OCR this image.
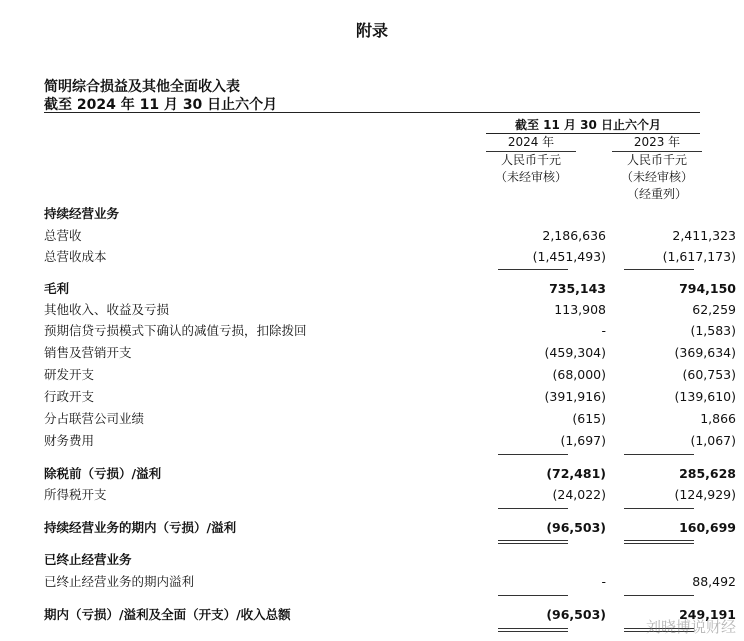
附录
简明综合损益及其他全面收入表
截至 2024 年 11 月 30 日止六个月
截至 11 月 30 日止六个月
2024 年
人民币千元
（未经审核）
2023 年
人民币千元
（未经审核）
（经重列）
持续经营业务
总营收	2,186,636	2,411,323
总营收成本	(1,451,493)	(1,617,173)
毛利	735,143	794,150
其他收入、收益及亏损	113,908	62,259
预期信贷亏损模式下确认的减值亏损，扣除拨回	-	(1,583)
销售及营销开支	(459,304)	(369,634)
研发开支	(68,000)	(60,753)
行政开支	(391,916)	(139,610)
分占联营公司业绩	(615)	1,866
财务费用	(1,697)	(1,067)
除税前（亏损）/溢利	(72,481)	285,628
所得税开支	(24,022)	(124,929)
持续经营业务的期内（亏损）/溢利	(96,503)	160,699
已终止经营业务
已终止经营业务的期内溢利	-	88,492
期内（亏损）/溢利及全面（开支）/收入总额	(96,503)	249,191
刘晓博说财经
